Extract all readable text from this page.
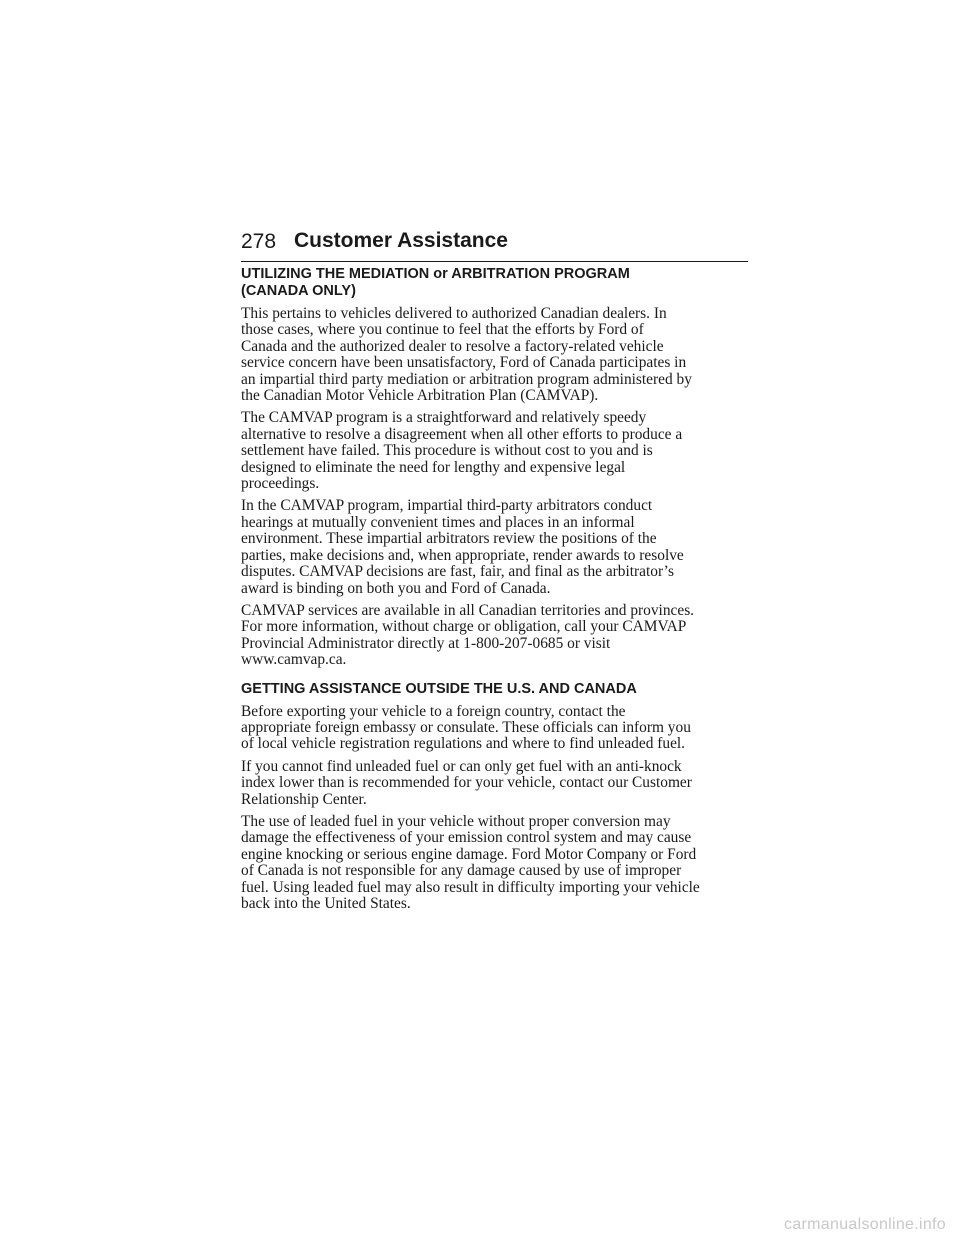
278 Customer Assistance
UTILIZING THE MEDIATION or ARBITRATION PROGRAM
(CANADA ONLY)

This pertains to vehicles delivered to authorized Canadian dealers. In
those cases, where you continue to feel that the efforts by Ford of
Canada and the authorized dealer to resolve a factory-related vehicle
service concern have been unsatisfactory, Ford of Canada participates in
an impartial third party mediation or arbitration program administered by
the Canadian Motor Vehicle Arbitration Plan (CAMVAP).

The CAMVAP program is a straightforward and relatively speedy
alternative to resolve a disagreement when all other efforts to produce a
settlement have failed. This procedure is without cost to you and is
designed to eliminate the need for lengthy and expensive legal
proceedings.

In the CAMVAP program, impartial third-party arbitrators conduct
hearings at mutually convenient times and places in an informal
environment. These impartial arbitrators review the positions of the
parties, make decisions and, when appropriate, render awards to resolve
disputes. CAMVAP decisions are fast, fair, and final as the arbitrator’s
award is binding on both you and Ford of Canada.

CAMVAP services are available in all Canadian territories and provinces.
For more information, without charge or obligation, call your CAMVAP
Provincial Administrator directly at 1-800-207-0685 or visit
www.camvap.ca.

GETTING ASSISTANCE OUTSIDE THE U.S. AND CANADA

Before exporting your vehicle to a foreign country, contact the
appropriate foreign embassy or consulate. These officials can inform you
of local vehicle registration regulations and where to find unleaded fuel.

If you cannot find unleaded fuel or can only get fuel with an anti-knock
index lower than is recommended for your vehicle, contact our Customer
Relationship Center.

The use of leaded fuel in your vehicle without proper conversion may
damage the effectiveness of your emission control system and may cause
engine knocking or serious engine damage. Ford Motor Company or Ford
of Canada is not responsible for any damage caused by use of improper
fuel. Using leaded fuel may also result in difficulty importing your vehicle
back into the United States.

carmanualsonline.info
